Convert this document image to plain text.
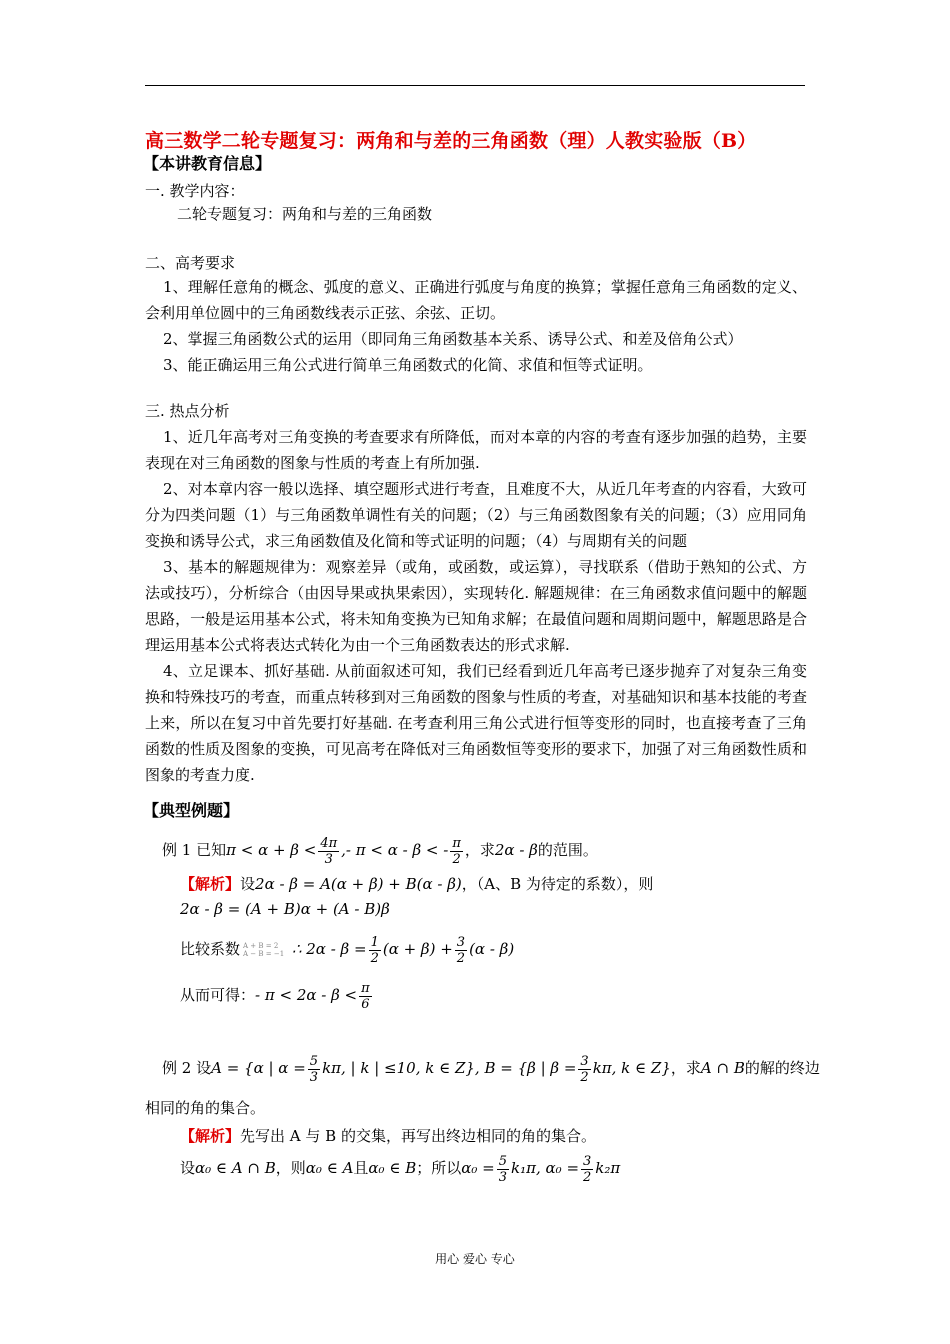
高三数学二轮专题复习：两角和与差的三角函数（理）人教实验版（B）
【本讲教育信息】
一. 教学内容：
二轮专题复习：两角和与差的三角函数
二、高考要求

1、理解任意角的概念、弧度的意义、正确进行弧度与角度的换算；掌握任意角三角函数的定义、会利用单位圆中的三角函数线表示正弦、余弦、正切。

2、掌握三角函数公式的运用（即同角三角函数基本关系、诱导公式、和差及倍角公式）

3、能正确运用三角公式进行简单三角函数式的化简、求值和恒等式证明。

三. 热点分析

1、近几年高考对三角变换的考查要求有所降低，而对本章的内容的考查有逐步加强的趋势，主要表现在对三角函数的图象与性质的考查上有所加强.

2、对本章内容一般以选择、填空题形式进行考查，且难度不大，从近几年考查的内容看，大致可分为四类问题（1）与三角函数单调性有关的问题；（2）与三角函数图象有关的问题；（3）应用同角变换和诱导公式，求三角函数值及化简和等式证明的问题；（4）与周期有关的问题

3、基本的解题规律为：观察差异（或角，或函数，或运算），寻找联系（借助于熟知的公式、方法或技巧），分析综合（由因导果或执果索因），实现转化. 解题规律：在三角函数求值问题中的解题思路，一般是运用基本公式，将未知角变换为已知角求解；在最值问题和周期问题中，解题思路是合理运用基本公式将表达式转化为由一个三角函数表达的形式求解.

4、立足课本、抓好基础. 从前面叙述可知，我们已经看到近几年高考已逐步抛弃了对复杂三角变换和特殊技巧的考查，而重点转移到对三角函数的图象与性质的考查，对基础知识和基本技能的考查上来，所以在复习中首先要打好基础. 在考查利用三角公式进行恒等变形的同时，也直接考查了三角函数的性质及图象的变换，可见高考在降低对三角函数恒等变形的要求下，加强了对三角函数性质和图象的考查力度.

【典型例题】
例 1 已知$\pi < \alpha + \beta < \frac{4\pi}{3}$ ,- π < α - β < - $\frac{\pi}{2}$ ，求2α - β的范围。
【解析】设2α - β = A(α + β) + B(α - β)，（A、B 为待定的系数），则
2α - β = (A + B)α + (A - B)β
比较系数 A + B = 2
A − B = −1 ∴ $2\alpha - \beta = \frac{1}{2} (\alpha + \beta) + \frac{3}{2} (\alpha - \beta)$
从而可得：- $\pi < 2\alpha - \beta < \frac{\pi}{6}$
例 2 设A = {α | $\alpha = \frac{5}{3} k\pi$, | k | ≤10, k ∈ Z}, B = {β | $\beta = \frac{3}{2} k\pi$, k ∈ Z}，求A ∩ B的解的终边
相同的角的集合。
【解析】先写出 A 与 B 的交集，再写出终边相同的角的集合。
设α₀ ∈ A ∩ B，则α₀ ∈ A且α₀ ∈ B；所以$\alpha_0 = \frac{5}{3} k_1\pi$, $\alpha_0 = \frac{3}{2} k_2\pi$
用心 爱心 专心
